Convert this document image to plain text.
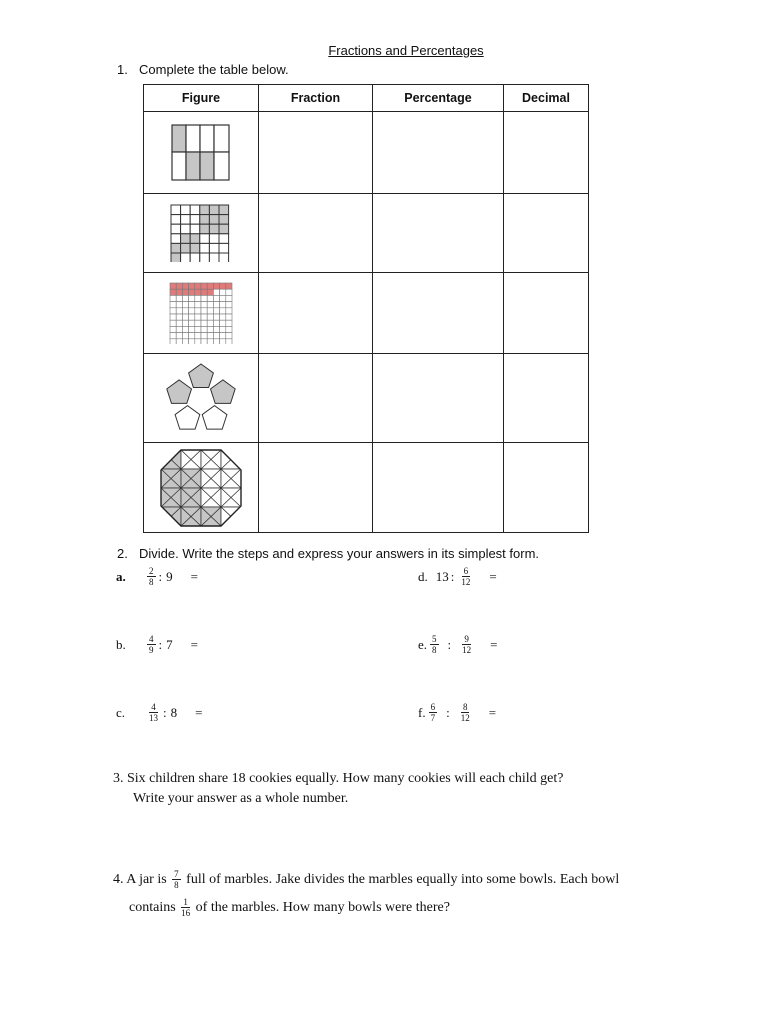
Fractions and Percentages
1. Complete the table below.
Figure	Fraction	Percentage	Decimal

2. Divide. Write the steps and express your answers in its simplest form.
a.	$\frac{2}{8}$ : 9 =
b.	$\frac{4}{9}$ : 7 =
c.	$\frac{4}{13}$ : 8 =
d. 13 : $\frac{6}{12}$ =
e. $\frac{5}{8}$ : $\frac{9}{12}$ =
f. $\frac{6}{7}$ : $\frac{8}{12}$ =
3. Six children share 18 cookies equally. How many cookies will each child get?
Write your answer as a whole number.
4. A jar is $\frac{7}{8}$ full of marbles. Jake divides the marbles equally into some bowls. Each bowl
contains $\frac{1}{16}$ of the marbles. How many bowls were there?
